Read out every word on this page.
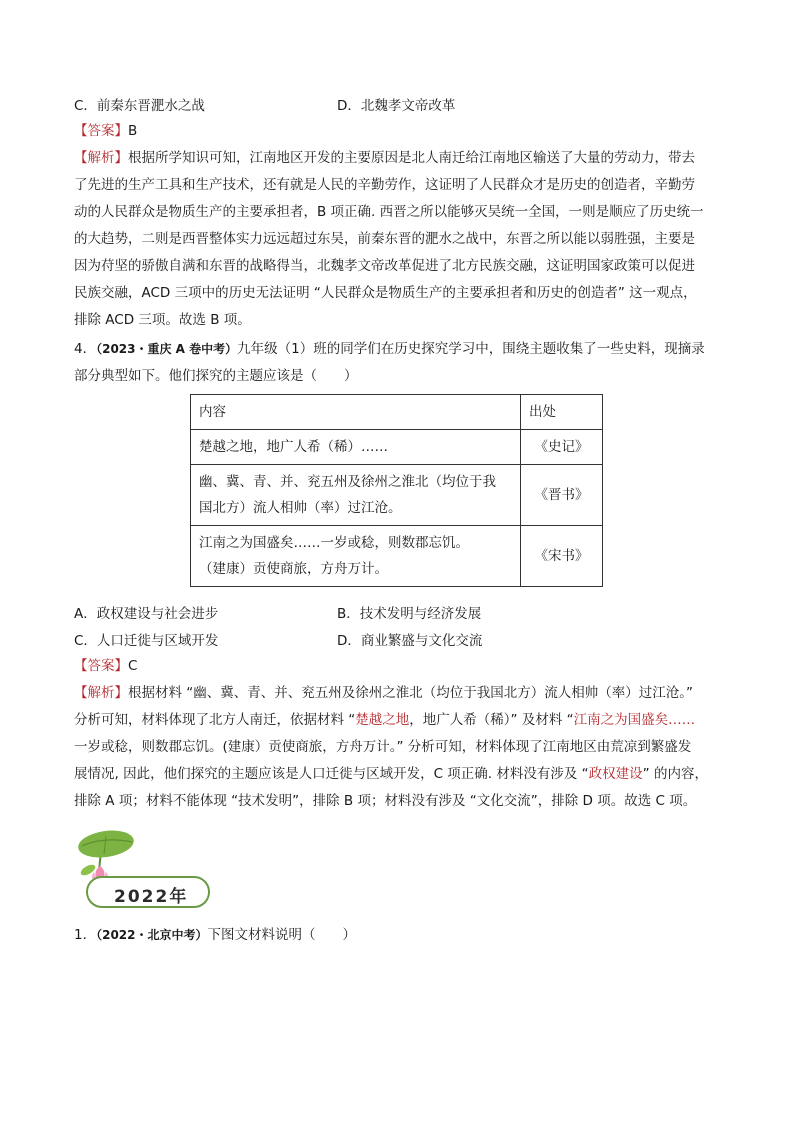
C．前秦东晋淝水之战	D．北魏孝文帝改革
【答案】B
【解析】根据所学知识可知，江南地区开发的主要原因是北人南迁给江南地区输送了大量的劳动力，带去
了先进的生产工具和生产技术，还有就是人民的辛勤劳作，这证明了人民群众才是历史的创造者，辛勤劳
动的人民群众是物质生产的主要承担者，B 项正确. 西晋之所以能够灭吴统一全国，一则是顺应了历史统一
的大趋势，二则是西晋整体实力远远超过东吴，前秦东晋的淝水之战中，东晋之所以能以弱胜强，主要是
因为苻坚的骄傲自满和东晋的战略得当，北魏孝文帝改革促进了北方民族交融，这证明国家政策可以促进
民族交融，ACD 三项中的历史无法证明 “人民群众是物质生产的主要承担者和历史的创造者” 这一观点，
排除 ACD 三项。故选 B 项。
4．（2023・重庆 A 卷中考）九年级（1）班的同学们在历史探究学习中，围绕主题收集了一些史料，现摘录
部分典型如下。他们探究的主题应该是（　　）
内容	出处
楚越之地，地广人希（稀）……	《史记》
幽、冀、青、并、兖五州及徐州之淮北（均位于我
国北方）流人相帅（率）过江沧。	《晋书》
江南之为国盛矣……一岁或稔，则数郡忘饥。
（建康）贡使商旅，方舟万计。	《宋书》
A．政权建设与社会进步	B．技术发明与经济发展
C．人口迁徙与区域开发	D．商业繁盛与文化交流
【答案】C
【解析】根据材料 “幽、冀、青、并、兖五州及徐州之淮北（均位于我国北方）流人相帅（率）过江沧。”
分析可知，材料体现了北方人南迁，依据材料 “楚越之地，地广人希（稀）” 及材料 “江南之为国盛矣……
一岁或稔，则数郡忘饥。(建康）贡使商旅，方舟万计。” 分析可知，材料体现了江南地区由荒凉到繁盛发
展情况, 因此，他们探究的主题应该是人口迁徙与区域开发，C 项正确. 材料没有涉及 “政权建设” 的内容，
排除 A 项；材料不能体现 “技术发明”，排除 B 项；材料没有涉及 “文化交流”，排除 D 项。故选 C 项。
2022年
1．（2022・北京中考）下图文材料说明（　　）
